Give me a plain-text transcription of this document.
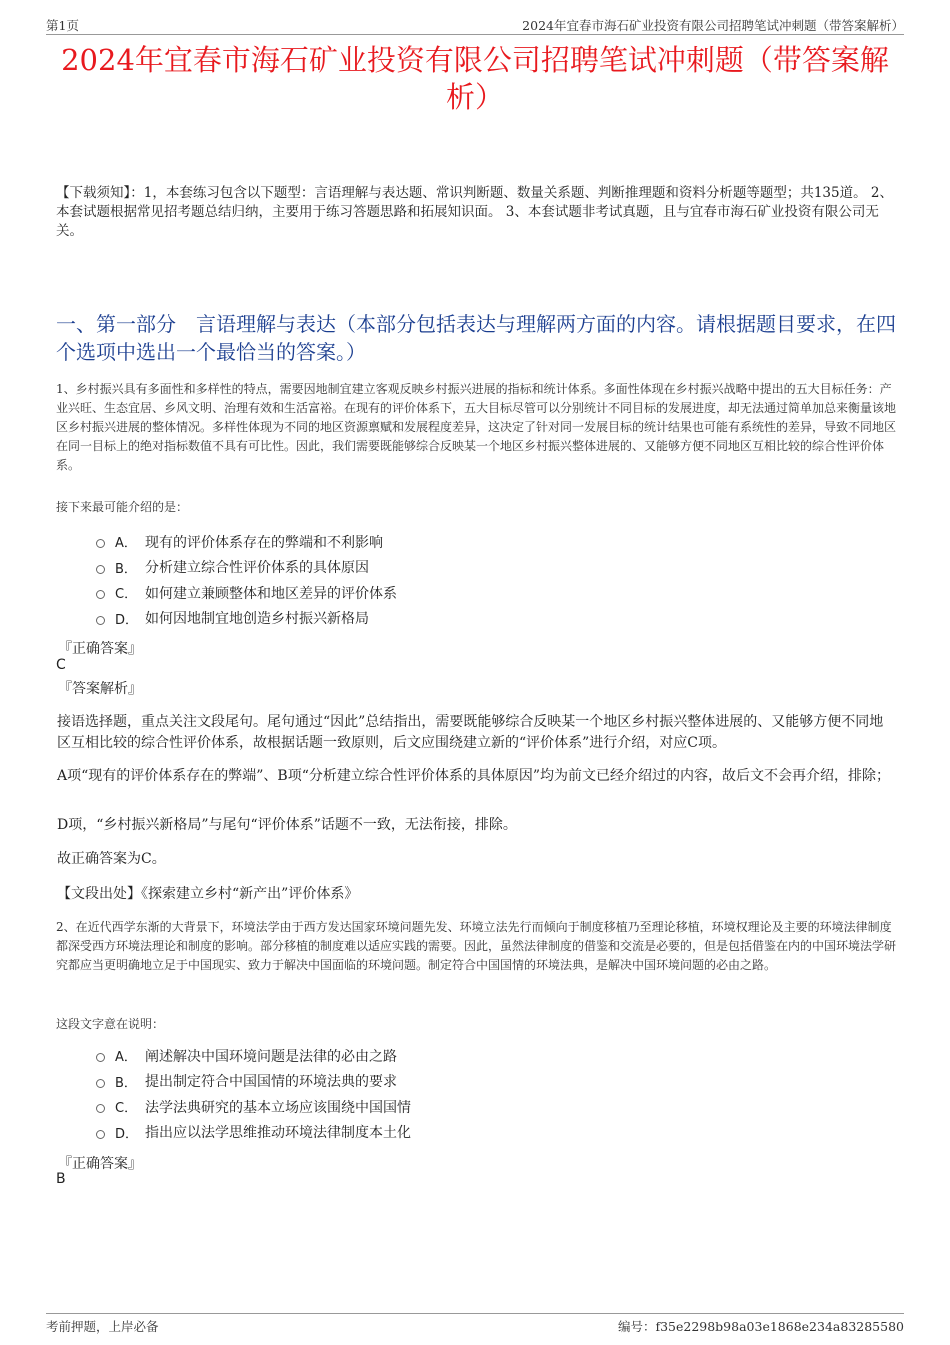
第1页	2024年宜春市海石矿业投资有限公司招聘笔试冲刺题（带答案解析）
2024年宜春市海石矿业投资有限公司招聘笔试冲刺题（带答案解析）
【下载须知】：1，本套练习包含以下题型：言语理解与表达题、常识判断题、数量关系题、判断推理题和资料分析题等题型；共135道。 2、本套试题根据常见招考题总结归纳，主要用于练习答题思路和拓展知识面。 3、本套试题非考试真题，且与宜春市海石矿业投资有限公司无关。
一、第一部分　言语理解与表达（本部分包括表达与理解两方面的内容。请根据题目要求，在四个选项中选出一个最恰当的答案。）
1、乡村振兴具有多面性和多样性的特点，需要因地制宜建立客观反映乡村振兴进展的指标和统计体系。多面性体现在乡村振兴战略中提出的五大目标任务：产业兴旺、生态宜居、乡风文明、治理有效和生活富裕。在现有的评价体系下，五大目标尽管可以分别统计不同目标的发展进度，却无法通过简单加总来衡量该地区乡村振兴进展的整体情况。多样性体现为不同的地区资源禀赋和发展程度差异，这决定了针对同一发展目标的统计结果也可能有系统性的差异，导致不同地区在同一目标上的绝对指标数值不具有可比性。因此，我们需要既能够综合反映某一个地区乡村振兴整体进展的、又能够方便不同地区互相比较的综合性评价体系。
接下来最可能介绍的是：
A． 现有的评价体系存在的弊端和不利影响
B． 分析建立综合性评价体系的具体原因
C． 如何建立兼顾整体和地区差异的评价体系
D． 如何因地制宜地创造乡村振兴新格局
『正确答案』
C
『答案解析』
接语选择题，重点关注文段尾句。尾句通过“因此”总结指出，需要既能够综合反映某一个地区乡村振兴整体进展的、又能够方便不同地区互相比较的综合性评价体系，故根据话题一致原则，后文应围绕建立新的“评价体系”进行介绍，对应C项。
A项“现有的评价体系存在的弊端”、B项“分析建立综合性评价体系的具体原因”均为前文已经介绍过的内容，故后文不会再介绍，排除；
D项，“乡村振兴新格局”与尾句“评价体系”话题不一致，无法衔接，排除。
故正确答案为C。
【文段出处】《探索建立乡村“新产出”评价体系》
2、在近代西学东渐的大背景下，环境法学由于西方发达国家环境问题先发、环境立法先行而倾向于制度移植乃至理论移植，环境权理论及主要的环境法律制度都深受西方环境法理论和制度的影响。部分移植的制度难以适应实践的需要。因此，虽然法律制度的借鉴和交流是必要的，但是包括借鉴在内的中国环境法学研究都应当更明确地立足于中国现实、致力于解决中国面临的环境问题。制定符合中国国情的环境法典，是解决中国环境问题的必由之路。
这段文字意在说明：
A． 阐述解决中国环境问题是法律的必由之路
B． 提出制定符合中国国情的环境法典的要求
C． 法学法典研究的基本立场应该围绕中国国情
D． 指出应以法学思维推动环境法律制度本土化
『正确答案』
B
考前押题，上岸必备	编号：f35e2298b98a03e1868e234a83285580
